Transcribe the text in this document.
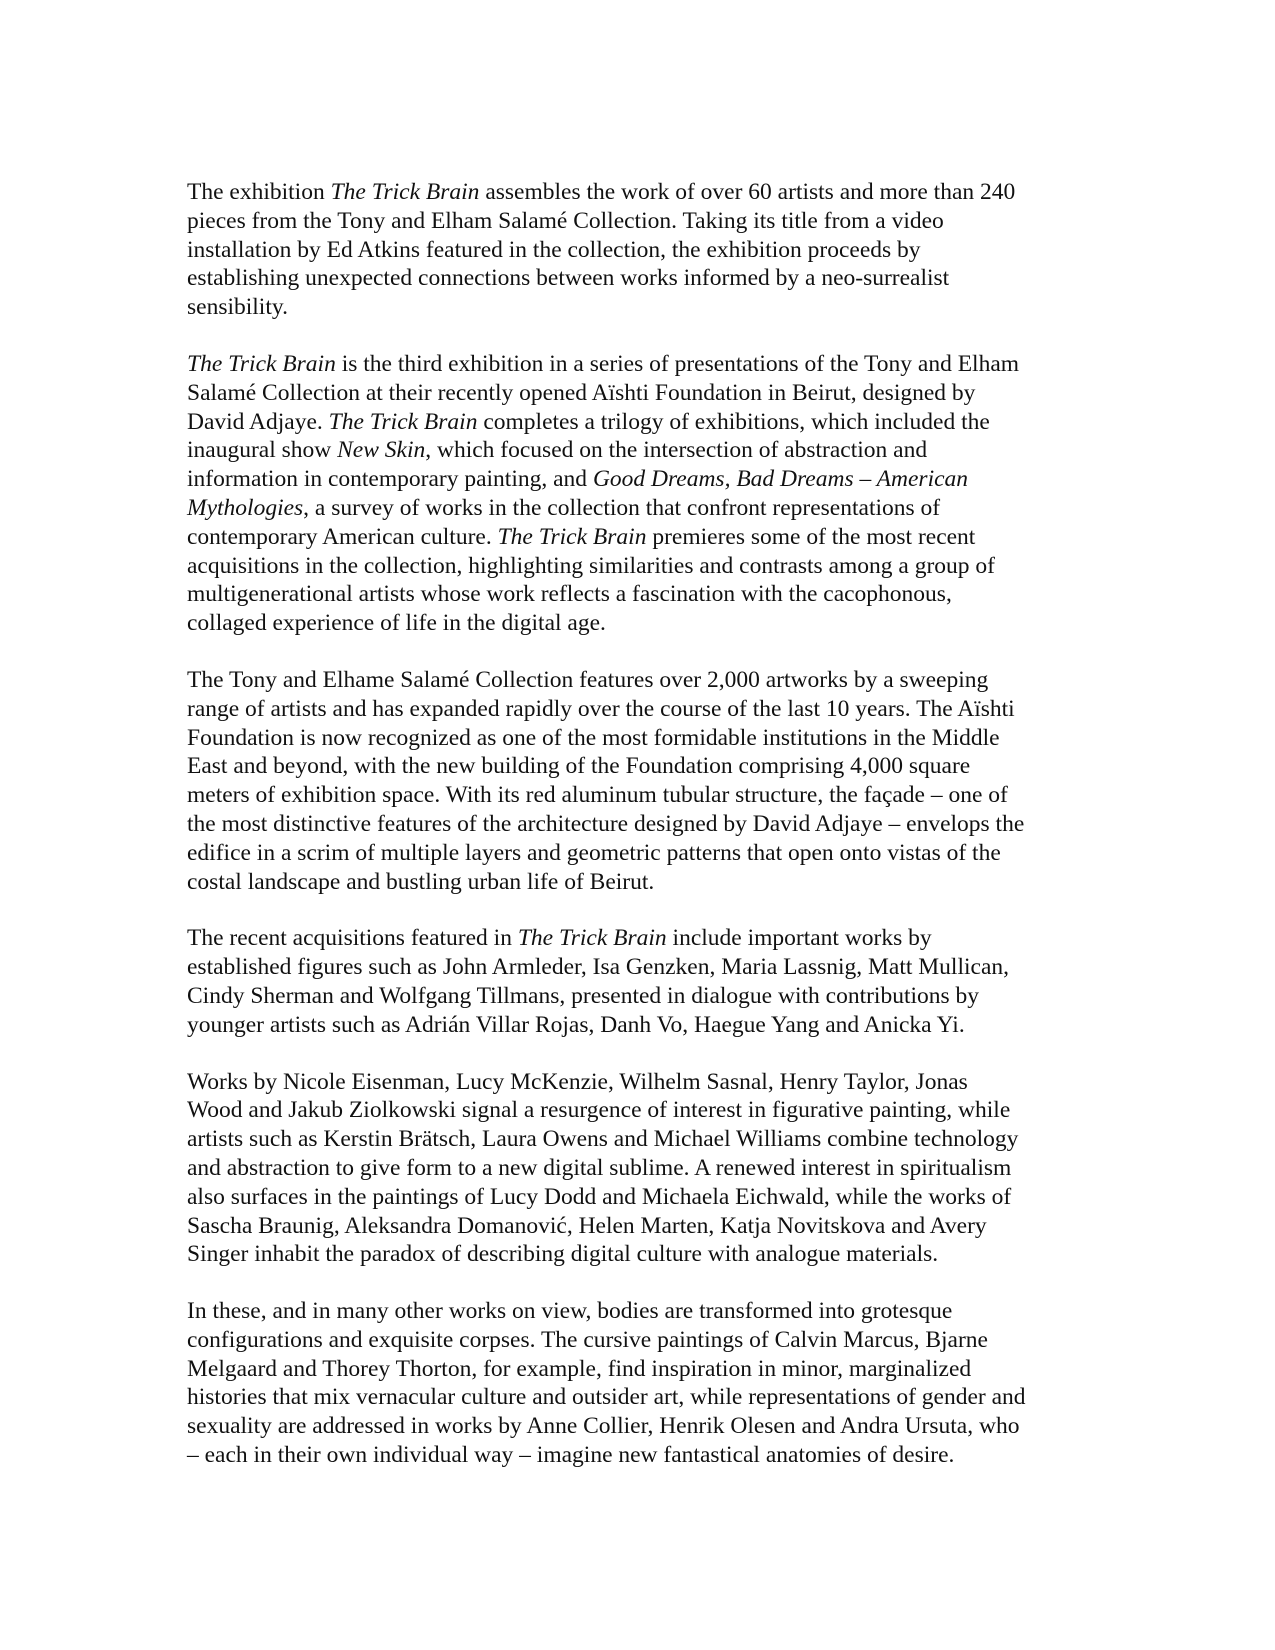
The exhibition The Trick Brain assembles the work of over 60 artists and more than 240
pieces from the Tony and Elham Salamé Collection. Taking its title from a video
installation by Ed Atkins featured in the collection, the exhibition proceeds by
establishing unexpected connections between works informed by a neo-surrealist
sensibility.

The Trick Brain is the third exhibition in a series of presentations of the Tony and Elham
Salamé Collection at their recently opened Aïshti Foundation in Beirut, designed by
David Adjaye. The Trick Brain completes a trilogy of exhibitions, which included the
inaugural show New Skin, which focused on the intersection of abstraction and
information in contemporary painting, and Good Dreams, Bad Dreams – American
Mythologies, a survey of works in the collection that confront representations of
contemporary American culture. The Trick Brain premieres some of the most recent
acquisitions in the collection, highlighting similarities and contrasts among a group of
multigenerational artists whose work reflects a fascination with the cacophonous,
collaged experience of life in the digital age.

The Tony and Elhame Salamé Collection features over 2,000 artworks by a sweeping
range of artists and has expanded rapidly over the course of the last 10 years. The Aïshti
Foundation is now recognized as one of the most formidable institutions in the Middle
East and beyond, with the new building of the Foundation comprising 4,000 square
meters of exhibition space. With its red aluminum tubular structure, the façade – one of
the most distinctive features of the architecture designed by David Adjaye – envelops the
edifice in a scrim of multiple layers and geometric patterns that open onto vistas of the
costal landscape and bustling urban life of Beirut.

The recent acquisitions featured in The Trick Brain include important works by
established figures such as John Armleder, Isa Genzken, Maria Lassnig, Matt Mullican,
Cindy Sherman and Wolfgang Tillmans, presented in dialogue with contributions by
younger artists such as Adrián Villar Rojas, Danh Vo, Haegue Yang and Anicka Yi.

Works by Nicole Eisenman, Lucy McKenzie, Wilhelm Sasnal, Henry Taylor, Jonas
Wood and Jakub Ziolkowski signal a resurgence of interest in figurative painting, while
artists such as Kerstin Brätsch, Laura Owens and Michael Williams combine technology
and abstraction to give form to a new digital sublime. A renewed interest in spiritualism
also surfaces in the paintings of Lucy Dodd and Michaela Eichwald, while the works of
Sascha Braunig, Aleksandra Domanović, Helen Marten, Katja Novitskova and Avery
Singer inhabit the paradox of describing digital culture with analogue materials.

In these, and in many other works on view, bodies are transformed into grotesque
configurations and exquisite corpses. The cursive paintings of Calvin Marcus, Bjarne
Melgaard and Thorey Thorton, for example, find inspiration in minor, marginalized
histories that mix vernacular culture and outsider art, while representations of gender and
sexuality are addressed in works by Anne Collier, Henrik Olesen and Andra Ursuta, who
– each in their own individual way – imagine new fantastical anatomies of desire.
